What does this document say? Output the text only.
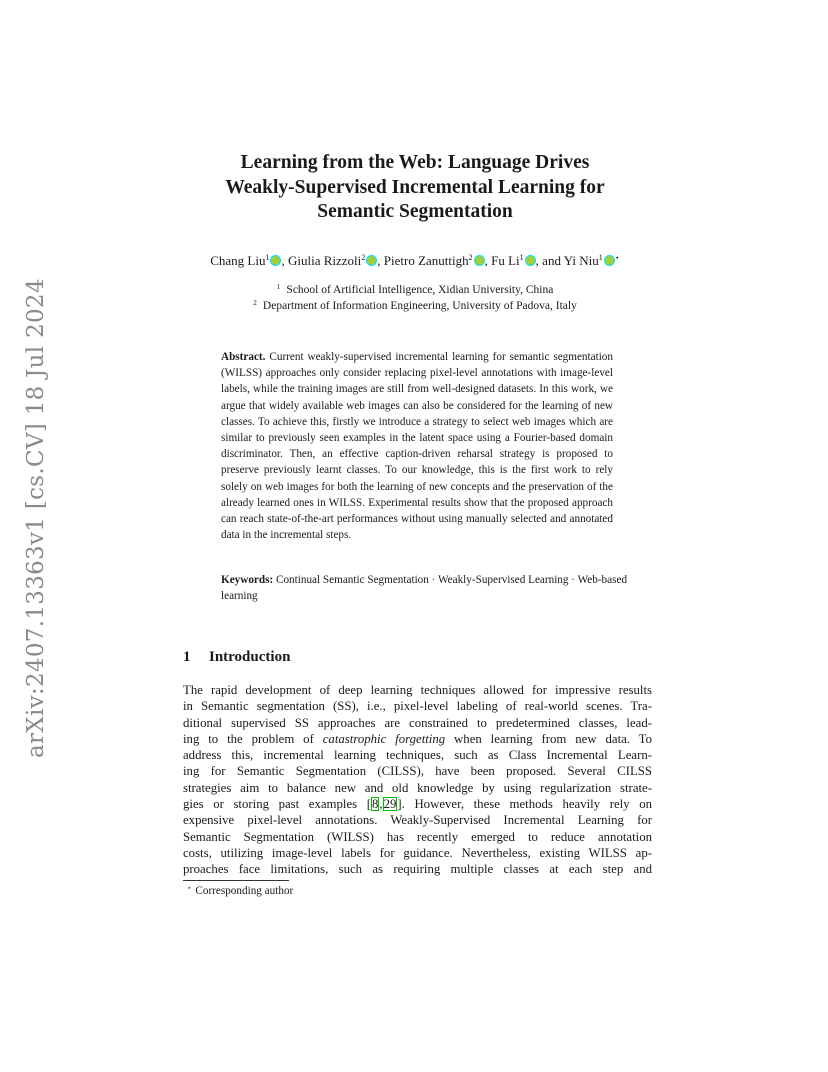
arXiv:2407.13363v1 [cs.CV] 18 Jul 2024
Learning from the Web: Language Drives
Weakly-Supervised Incremental Learning for
Semantic Segmentation
Chang Liu$^1$ , Giulia Rizzoli$^2$ , Pietro Zanuttigh$^2$ , Fu Li$^1$ , and Yi Niu$^1$ ⋆
$^1$ School of Artificial Intelligence, Xidian University, China
$^2$ Department of Information Engineering, University of Padova, Italy
Abstract. Current weakly-supervised incremental learning for semantic segmentation (WILSS) approaches only consider replacing pixel-level annotations with image-level labels, while the training images are still from well-designed datasets. In this work, we argue that widely available web images can also be considered for the learning of new classes. To achieve this, firstly we introduce a strategy to select web images which are similar to previously seen examples in the latent space using a Fourier-based domain discriminator. Then, an effective caption-driven reharsal strategy is proposed to preserve previously learnt classes. To our knowledge, this is the first work to rely solely on web images for both the learning of new concepts and the preservation of the already learned ones in WILSS. Experimental results show that the proposed approach can reach state-of-the-art performances without using manually selected and annotated data in the incremental steps.
Keywords: Continual Semantic Segmentation · Weakly-Supervised Learning · Web-based learning
1 Introduction
The rapid development of deep learning techniques allowed for impressive results
in Semantic segmentation (SS), i.e., pixel-level labeling of real-world scenes. Tra-
ditional supervised SS approaches are constrained to predetermined classes, lead-
ing to the problem of catastrophic forgetting when learning from new data. To
address this, incremental learning techniques, such as Class Incremental Learn-
ing for Semantic Segmentation (CILSS), have been proposed. Several CILSS
strategies aim to balance new and old knowledge by using regularization strate-
gies or storing past examples [8,29]. However, these methods heavily rely on
expensive pixel-level annotations. Weakly-Supervised Incremental Learning for
Semantic Segmentation (WILSS) has recently emerged to reduce annotation
costs, utilizing image-level labels for guidance. Nevertheless, existing WILSS ap-
proaches face limitations, such as requiring multiple classes at each step and
⋆ Corresponding author
